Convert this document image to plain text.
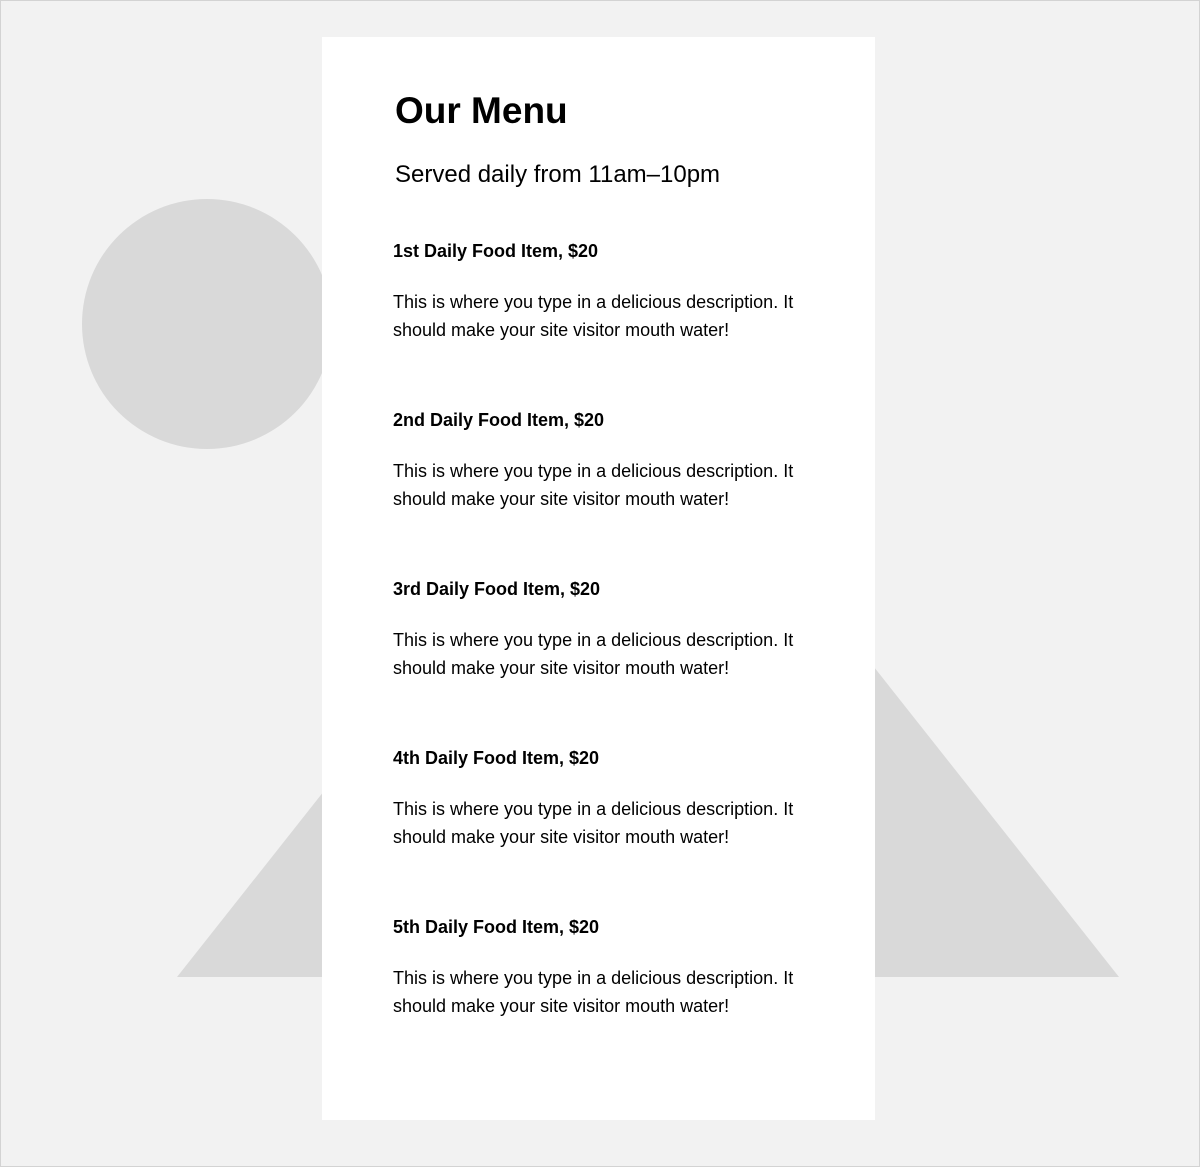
Our Menu

Served daily from 11am–10pm

1st Daily Food Item, $20

This is where you type in a delicious description. It should make your site visitor mouth water!

2nd Daily Food Item, $20

This is where you type in a delicious description. It should make your site visitor mouth water!

3rd Daily Food Item, $20

This is where you type in a delicious description. It should make your site visitor mouth water!

4th Daily Food Item, $20

This is where you type in a delicious description. It should make your site visitor mouth water!

5th Daily Food Item, $20

This is where you type in a delicious description. It should make your site visitor mouth water!
